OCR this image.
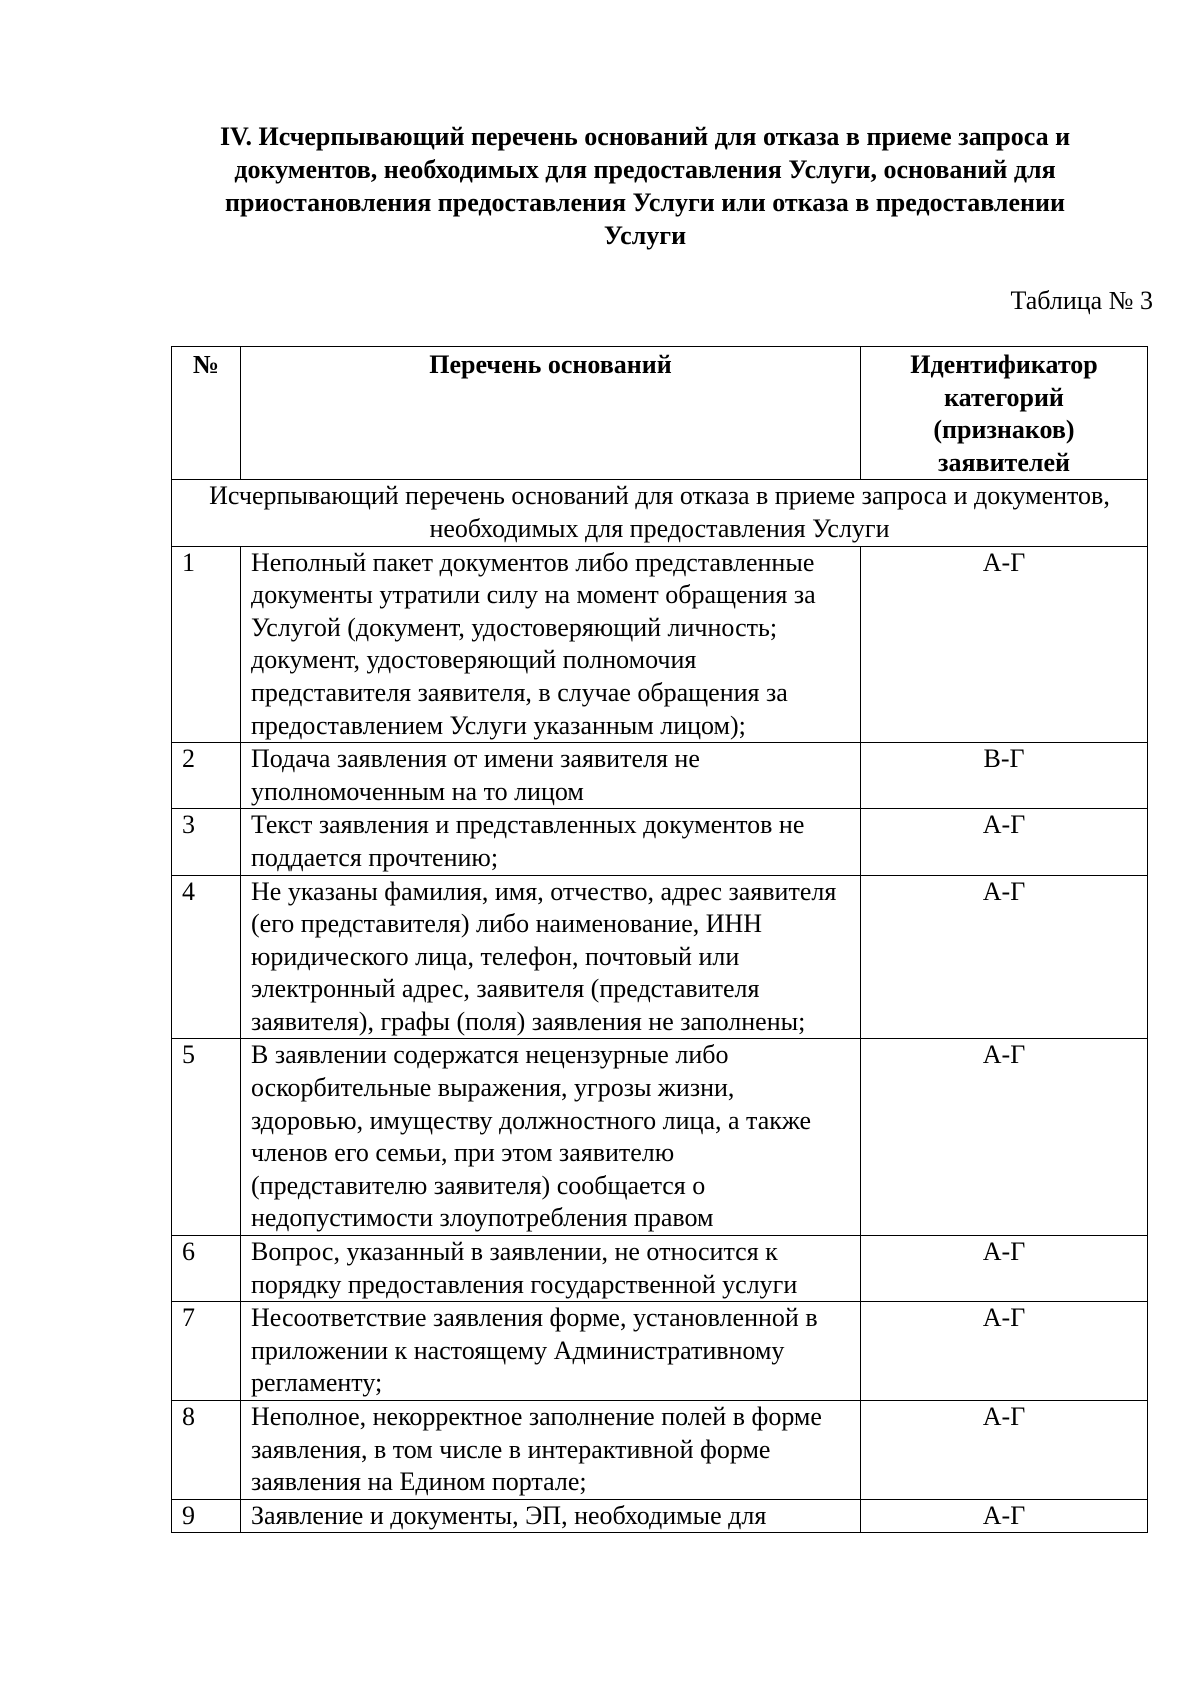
IV. Исчерпывающий перечень оснований для отказа в приеме запроса и документов, необходимых для предоставления Услуги, оснований для приостановления предоставления Услуги или отказа в предоставлении Услуги

Таблица № 3

№	Перечень оснований	Идентификатор категорий (признаков) заявителей
Исчерпывающий перечень оснований для отказа в приеме запроса и документов, необходимых для предоставления Услуги		
1	Неполный пакет документов либо представленные документы утратили силу на момент обращения за Услугой (документ, удостоверяющий личность; документ, удостоверяющий полномочия представителя заявителя, в случае обращения за предоставлением Услуги указанным лицом);	А-Г
2	Подача заявления от имени заявителя не уполномоченным на то лицом	В-Г
3	Текст заявления и представленных документов не поддается прочтению;	А-Г
4	Не указаны фамилия, имя, отчество, адрес заявителя (его представителя) либо наименование, ИНН юридического лица, телефон, почтовый или электронный адрес, заявителя (представителя заявителя), графы (поля) заявления не заполнены;	А-Г
5	В заявлении содержатся нецензурные либо оскорбительные выражения, угрозы жизни, здоровью, имуществу должностного лица, а также членов его семьи, при этом заявителю (представителю заявителя) сообщается о недопустимости злоупотребления правом	А-Г
6	Вопрос, указанный в заявлении, не относится к порядку предоставления государственной услуги	А-Г
7	Несоответствие заявления форме, установленной в приложении к настоящему Административному регламенту;	А-Г
8	Неполное, некорректное заполнение полей в форме заявления, в том числе в интерактивной форме заявления на Едином портале;	А-Г
9	Заявление и документы, ЭП, необходимые для	А-Г
